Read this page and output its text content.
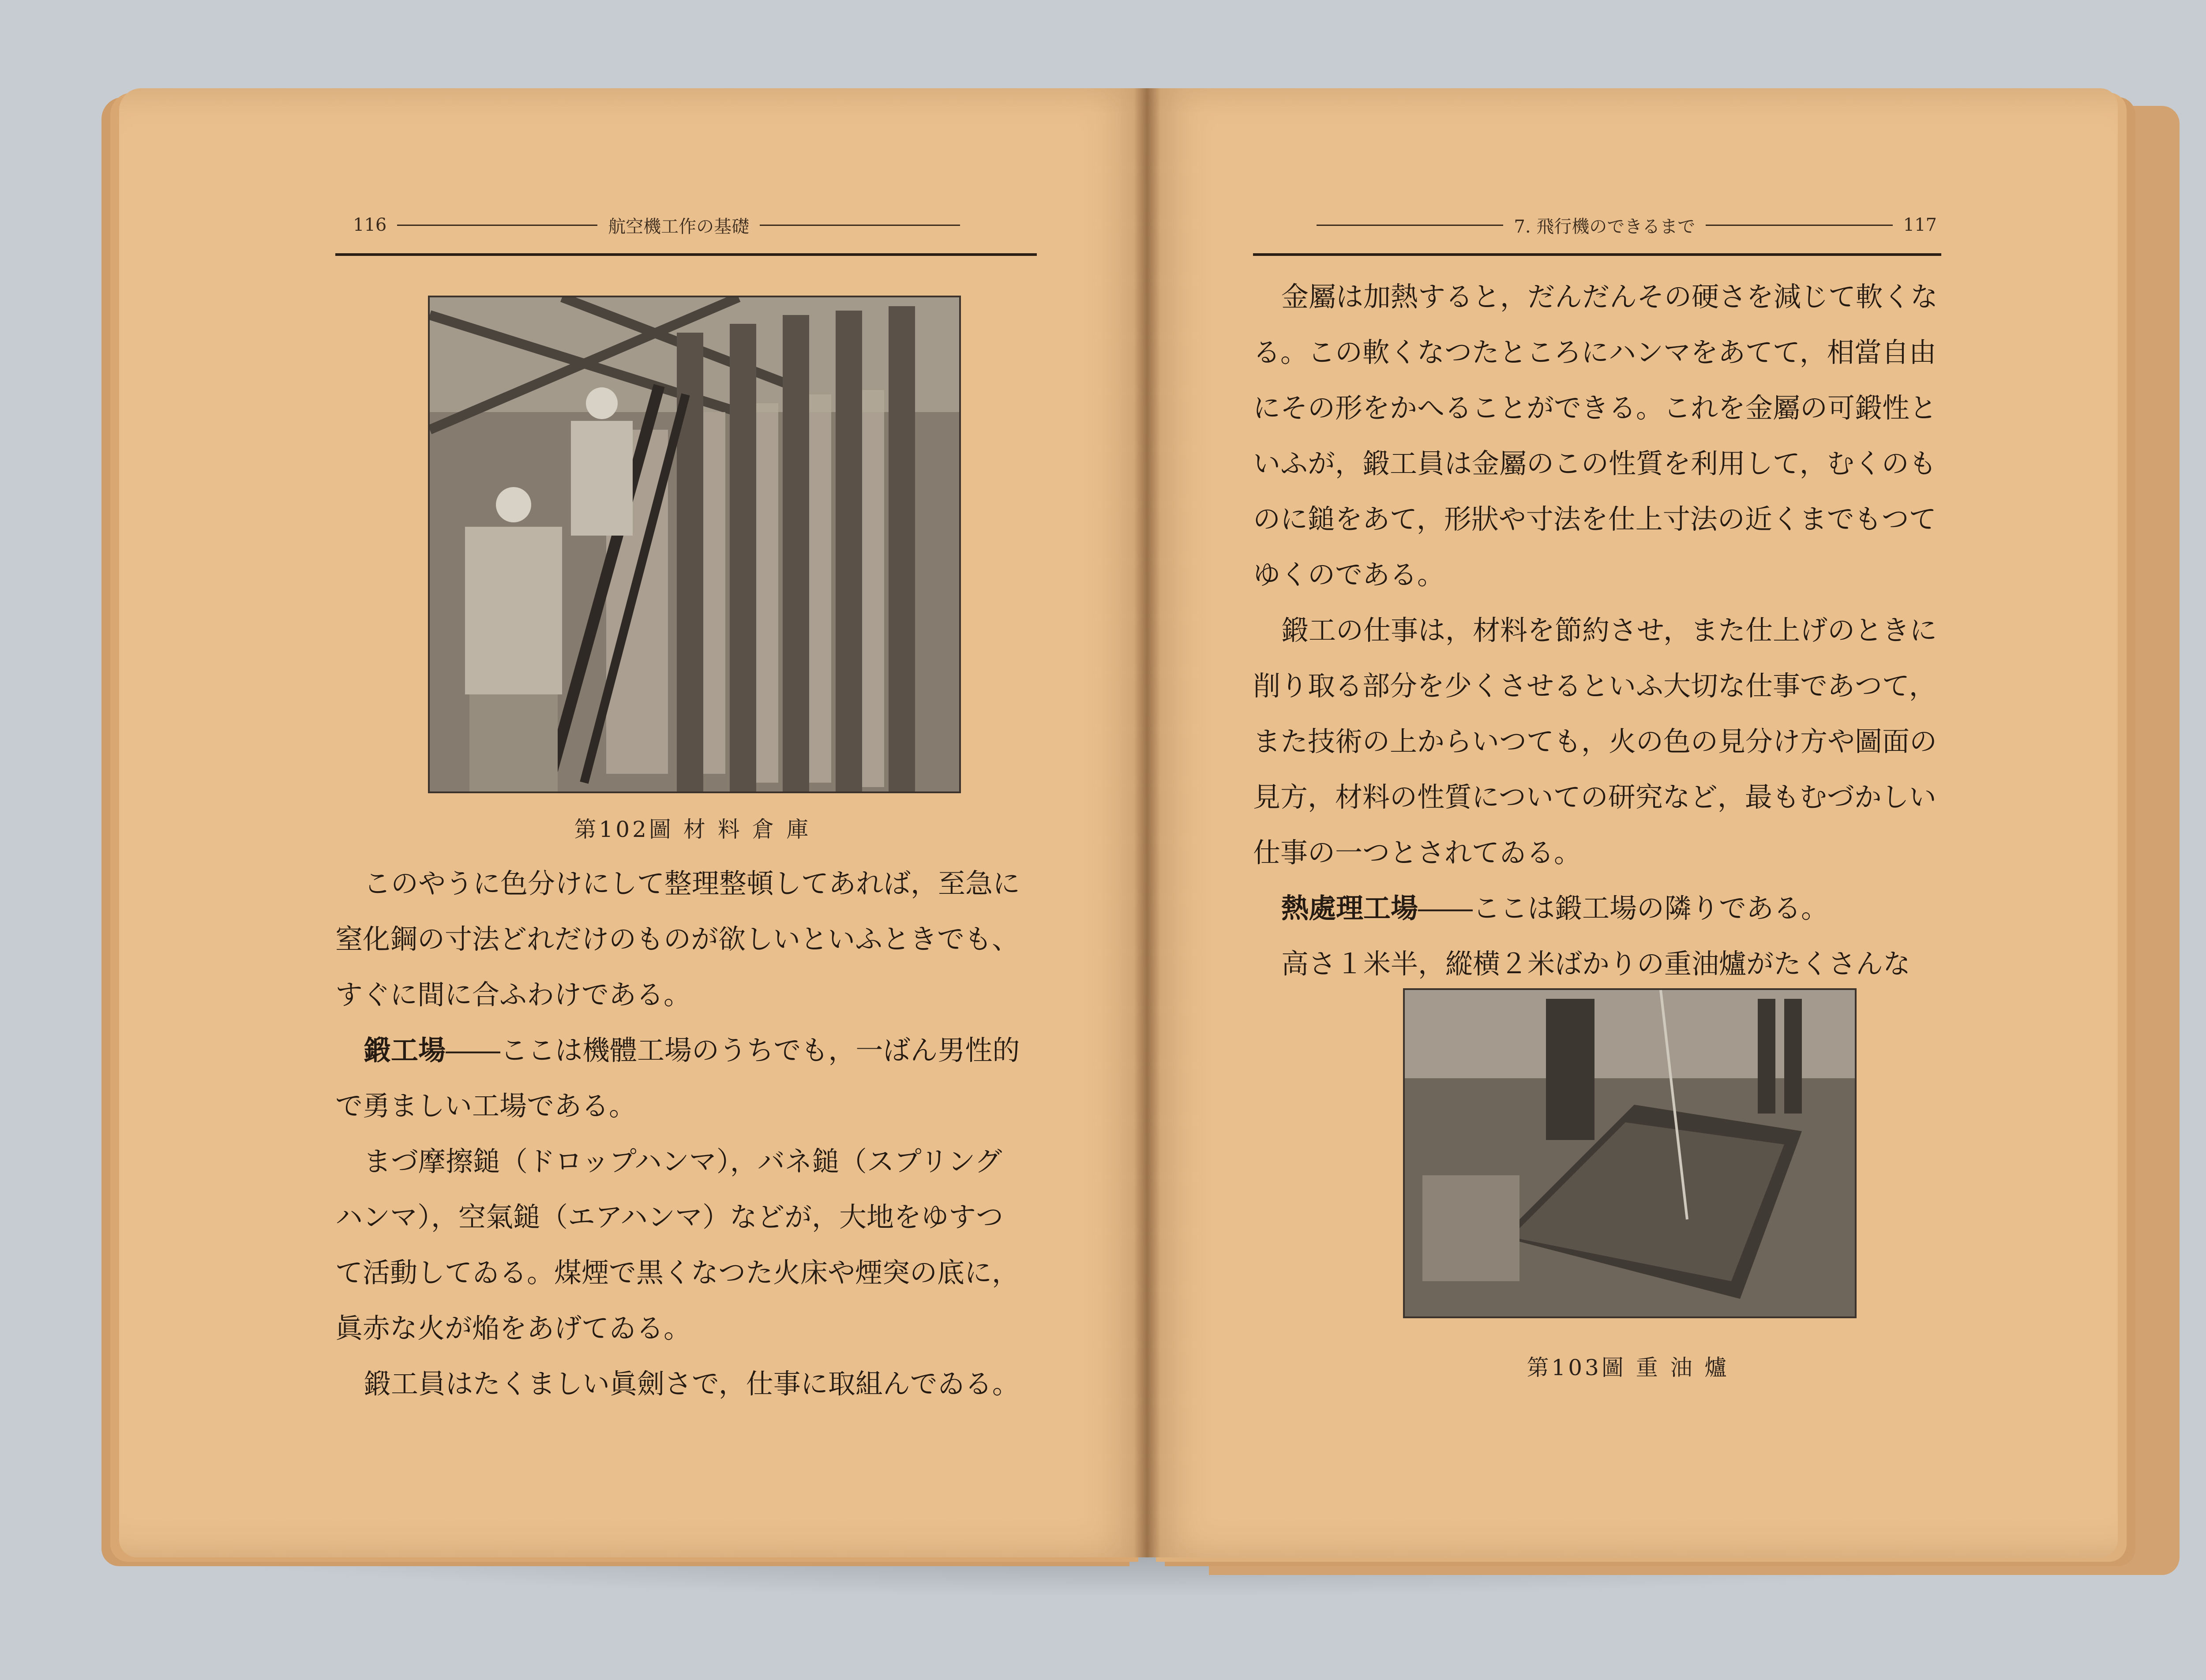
116	航空機工作の基礎
第102圖 材 料 倉 庫

このやうに色分けにして整理整頓してあれば，至急に窒化鋼の寸法どれだけのものが欲しいといふときでも、すぐに間に合ふわけである。

鍛工場――ここは機體工場のうちでも，一ばん男性的で勇ましい工場である。

まづ摩擦鎚（ドロップハンマ），バネ鎚（スプリングハンマ），空氣鎚（エアハンマ）などが，大地をゆすつて活動してゐる。煤煙で黒くなつた火床や煙突の底に，眞赤な火が焔をあげてゐる。

鍛工員はたくましい眞劍さで，仕事に取組んでゐる。

7. 飛行機のできるまで	117

金屬は加熱すると，だんだんその硬さを減じて軟くなる。この軟くなつたところにハンマをあてて，相當自由にその形をかへることができる。これを金屬の可鍛性といふが，鍛工員は金屬のこの性質を利用して，むくのものに鎚をあて，形狀や寸法を仕上寸法の近くまでもつてゆくのである。

鍛工の仕事は，材料を節約させ，また仕上げのときに削り取る部分を少くさせるといふ大切な仕事であつて，また技術の上からいつても，火の色の見分け方や圖面の見方，材料の性質についての研究など，最もむづかしい仕事の一つとされてゐる。

熱處理工場――ここは鍛工場の隣りである。

高さ１米半，縱横２米ばかりの重油爐がたくさんな

第103圖 重 油 爐
